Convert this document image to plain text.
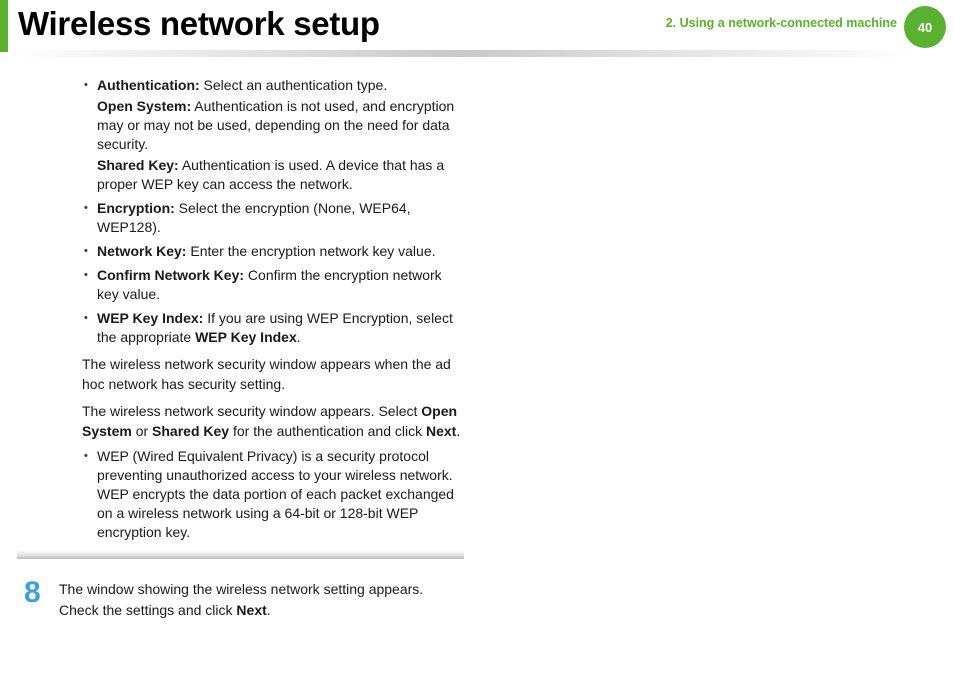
Wireless network setup	2. Using a network-connected machine	40
• Authentication: Select an authentication type.
Open System: Authentication is not used, and encryption may or may not be used, depending on the need for data security.
Shared Key: Authentication is used. A device that has a proper WEP key can access the network.
• Encryption: Select the encryption (None, WEP64, WEP128).
• Network Key: Enter the encryption network key value.
• Confirm Network Key: Confirm the encryption network key value.
• WEP Key Index: If you are using WEP Encryption, select the appropriate WEP Key Index.

The wireless network security window appears when the ad hoc network has security setting.

The wireless network security window appears. Select Open System or Shared Key for the authentication and click Next.

• WEP (Wired Equivalent Privacy) is a security protocol preventing unauthorized access to your wireless network. WEP encrypts the data portion of each packet exchanged on a wireless network using a 64-bit or 128-bit WEP encryption key.
8 The window showing the wireless network setting appears. Check the settings and click Next.
